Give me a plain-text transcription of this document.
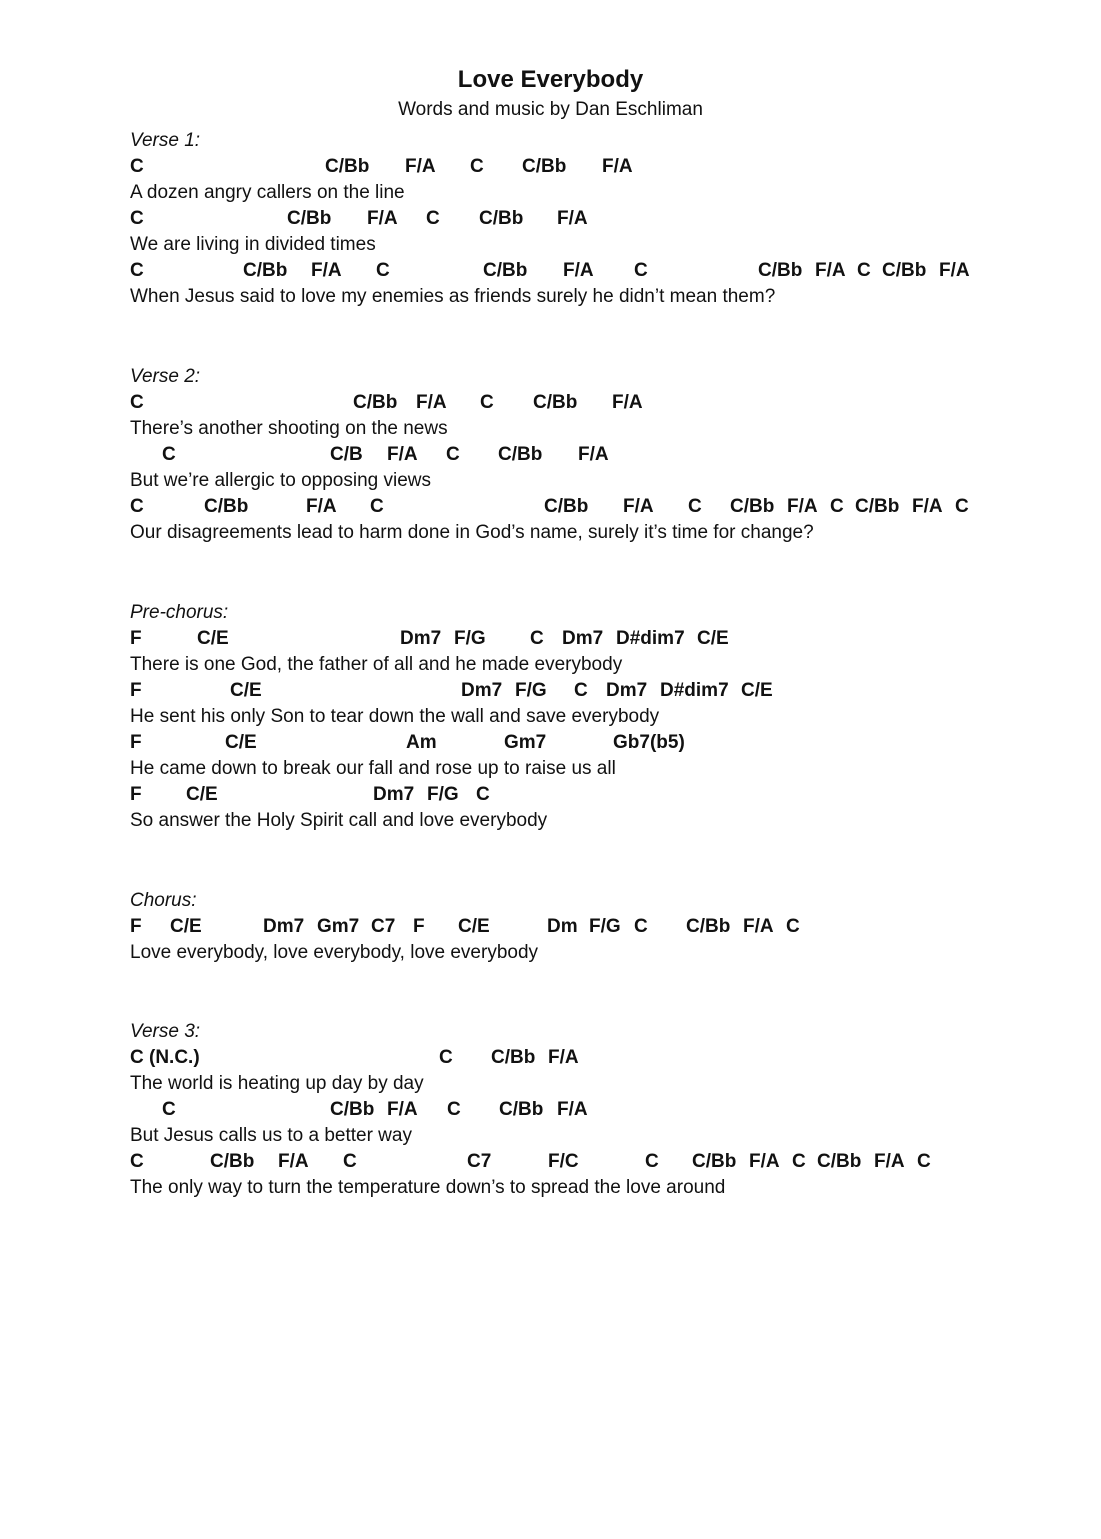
Love Everybody
Words and music by Dan Eschliman
Verse 1:

C

	C/Bb

F/A

C

C/Bb

F/A

A dozen angry callers on the line

C

	C/Bb

F/A

C

C/Bb

F/A

We are living in divided times

C

	C/Bb

F/A

C

	C/Bb

F/A

C

	C/Bb

F/A

C

C/Bb

F/A

When Jesus said to love my enemies as friends surely he didn’t mean them?
Verse 2:

C

	C/Bb

F/A

C

C/Bb

F/A

There’s another shooting on the news

C

	C/B

F/A

C

C/Bb

F/A

But we’re allergic to opposing views

C

	C/Bb

	F/A

C

	C/Bb

F/A

C

C/Bb

F/A

C

C/Bb

F/A

C

Our disagreements lead to harm done in God’s name, surely it’s time for change?
Pre-chorus:

F

	C/E

	Dm7

F/G

C

Dm7

D#dim7

C/E

There is one God, the father of all and he made everybody

F

	C/E

	Dm7

F/G

C

Dm7

D#dim7

C/E

He sent his only Son to tear down the wall and save everybody

F

	C/E

	Am

	Gm7

	Gb7(b5)

He came down to break our fall and rose up to raise us all

F

C/E

	Dm7

F/G

C

So answer the Holy Spirit call and love everybody
Chorus:

F

C/E

	Dm7

Gm7

C7

F

C/E

	Dm

F/G

C

C/Bb

F/A

C

Love everybody, love everybody, love everybody
Verse 3:

C (N.C.)

	C

C/Bb

F/A

The world is heating up day by day

C

	C/Bb

F/A

C

C/Bb

F/A

But Jesus calls us to a better way

C

	C/Bb

F/A

C

	C7

	F/C

	C

C/Bb

F/A

C

C/Bb

F/A

C

The only way to turn the temperature down’s to spread the love around
